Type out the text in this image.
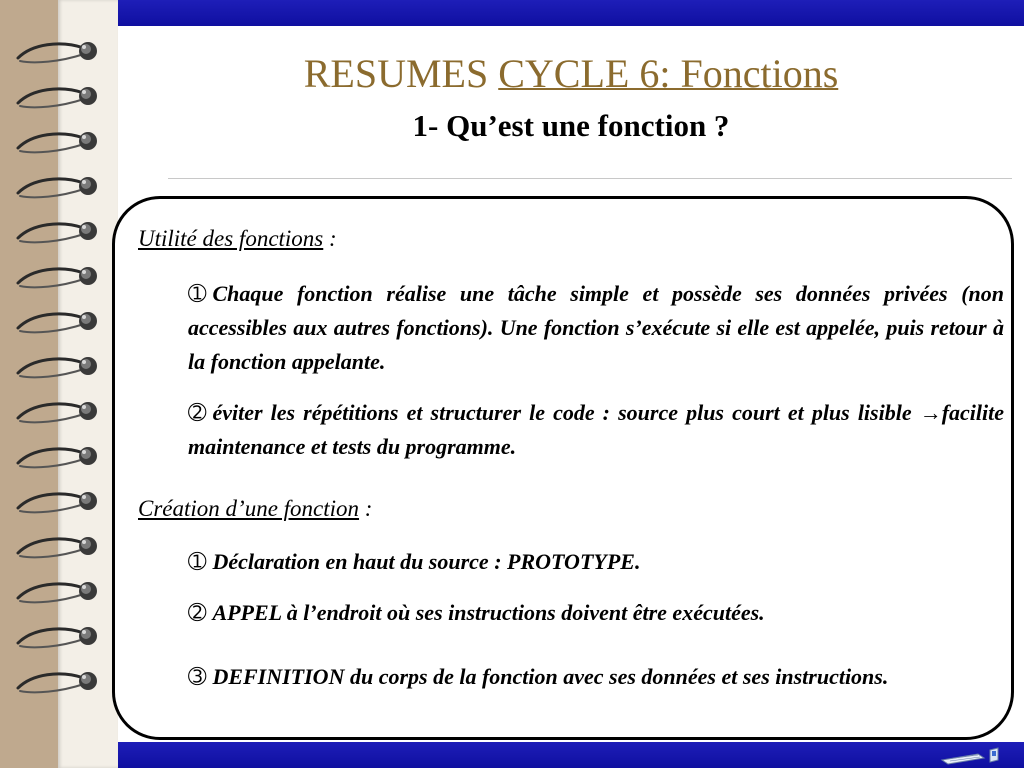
RESUMES CYCLE 6: Fonctions
1- Qu’est une fonction ?
Utilité des fonctions :
➀ Chaque fonction réalise une tâche simple et possède ses données privées (non accessibles aux autres fonctions). Une fonction s’exécute si elle est appelée, puis retour à la fonction appelante.
➁ éviter les répétitions et structurer le code : source plus court et plus lisible →facilite maintenance et tests du programme.
Création d’une fonction :
➀ Déclaration en haut du source : PROTOTYPE.
➁ APPEL à l’endroit où ses instructions doivent être exécutées.
➂ DEFINITION du corps de la fonction avec ses données et ses instructions.
